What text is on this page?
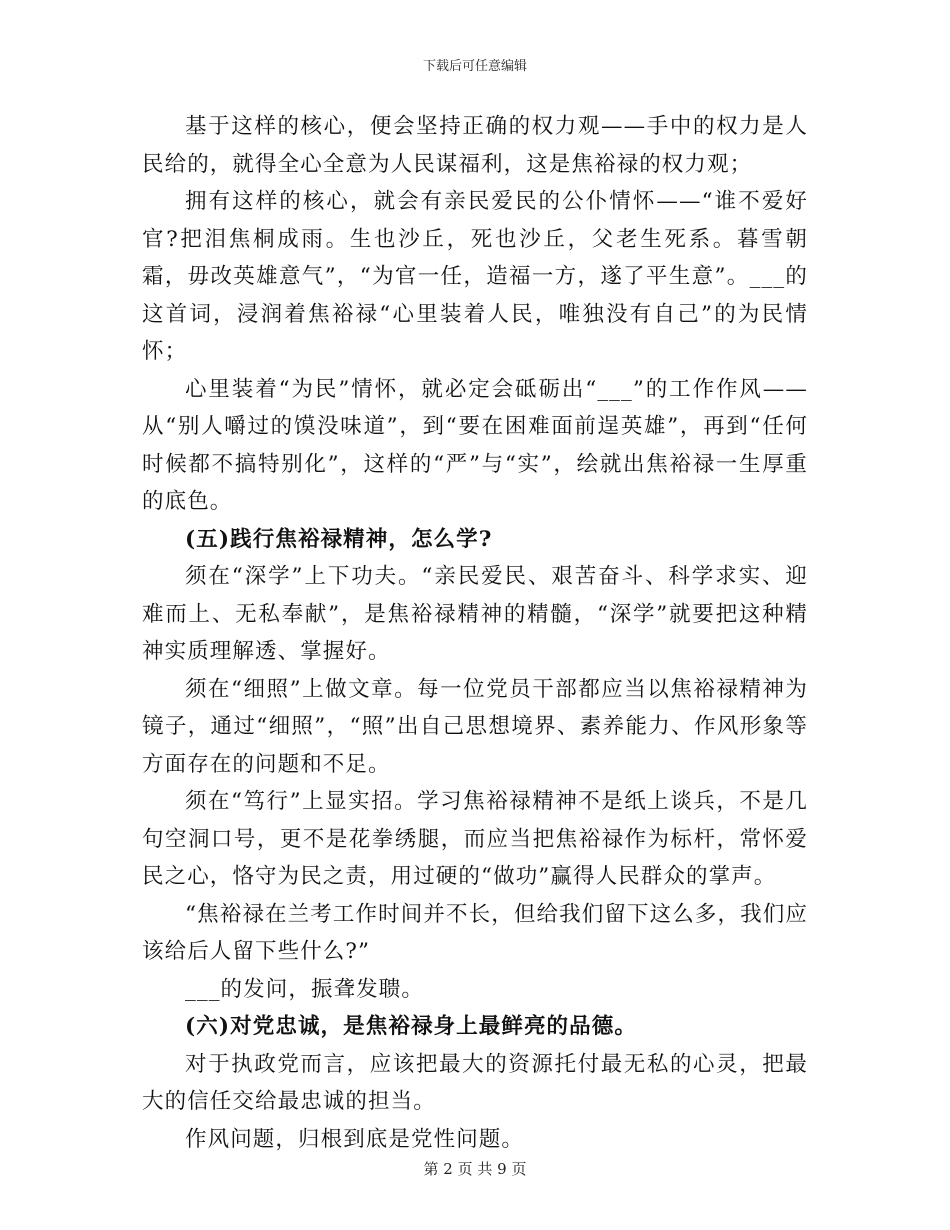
下载后可任意编辑

基于这样的核心，便会坚持正确的权力观——手中的权力是人民给的，就得全心全意为人民谋福利，这是焦裕禄的权力观；

拥有这样的核心，就会有亲民爱民的公仆情怀——“谁不爱好官?把泪焦桐成雨。生也沙丘，死也沙丘，父老生死系。暮雪朝霜，毋改英雄意气”，“为官一任，造福一方，遂了平生意”。___的这首词，浸润着焦裕禄“心里装着人民，唯独没有自己”的为民情怀；

心里装着“为民”情怀，就必定会砥砺出“___”的工作作风——从“别人嚼过的馍没味道”，到“要在困难面前逞英雄”，再到“任何时候都不搞特别化”，这样的“严”与“实”，绘就出焦裕禄一生厚重的底色。

(五)践行焦裕禄精神，怎么学?

须在“深学”上下功夫。“亲民爱民、艰苦奋斗、科学求实、迎难而上、无私奉献”，是焦裕禄精神的精髓，“深学”就要把这种精神实质理解透、掌握好。

须在“细照”上做文章。每一位党员干部都应当以焦裕禄精神为镜子，通过“细照”，“照”出自己思想境界、素养能力、作风形象等方面存在的问题和不足。

须在“笃行”上显实招。学习焦裕禄精神不是纸上谈兵，不是几句空洞口号，更不是花拳绣腿，而应当把焦裕禄作为标杆，常怀爱民之心，恪守为民之责，用过硬的“做功”赢得人民群众的掌声。

“焦裕禄在兰考工作时间并不长，但给我们留下这么多，我们应该给后人留下些什么?”

___的发问，振聋发聩。

(六)对党忠诚，是焦裕禄身上最鲜亮的品德。

对于执政党而言，应该把最大的资源托付最无私的心灵，把最大的信任交给最忠诚的担当。

作风问题，归根到底是党性问题。

第 2 页 共 9 页
